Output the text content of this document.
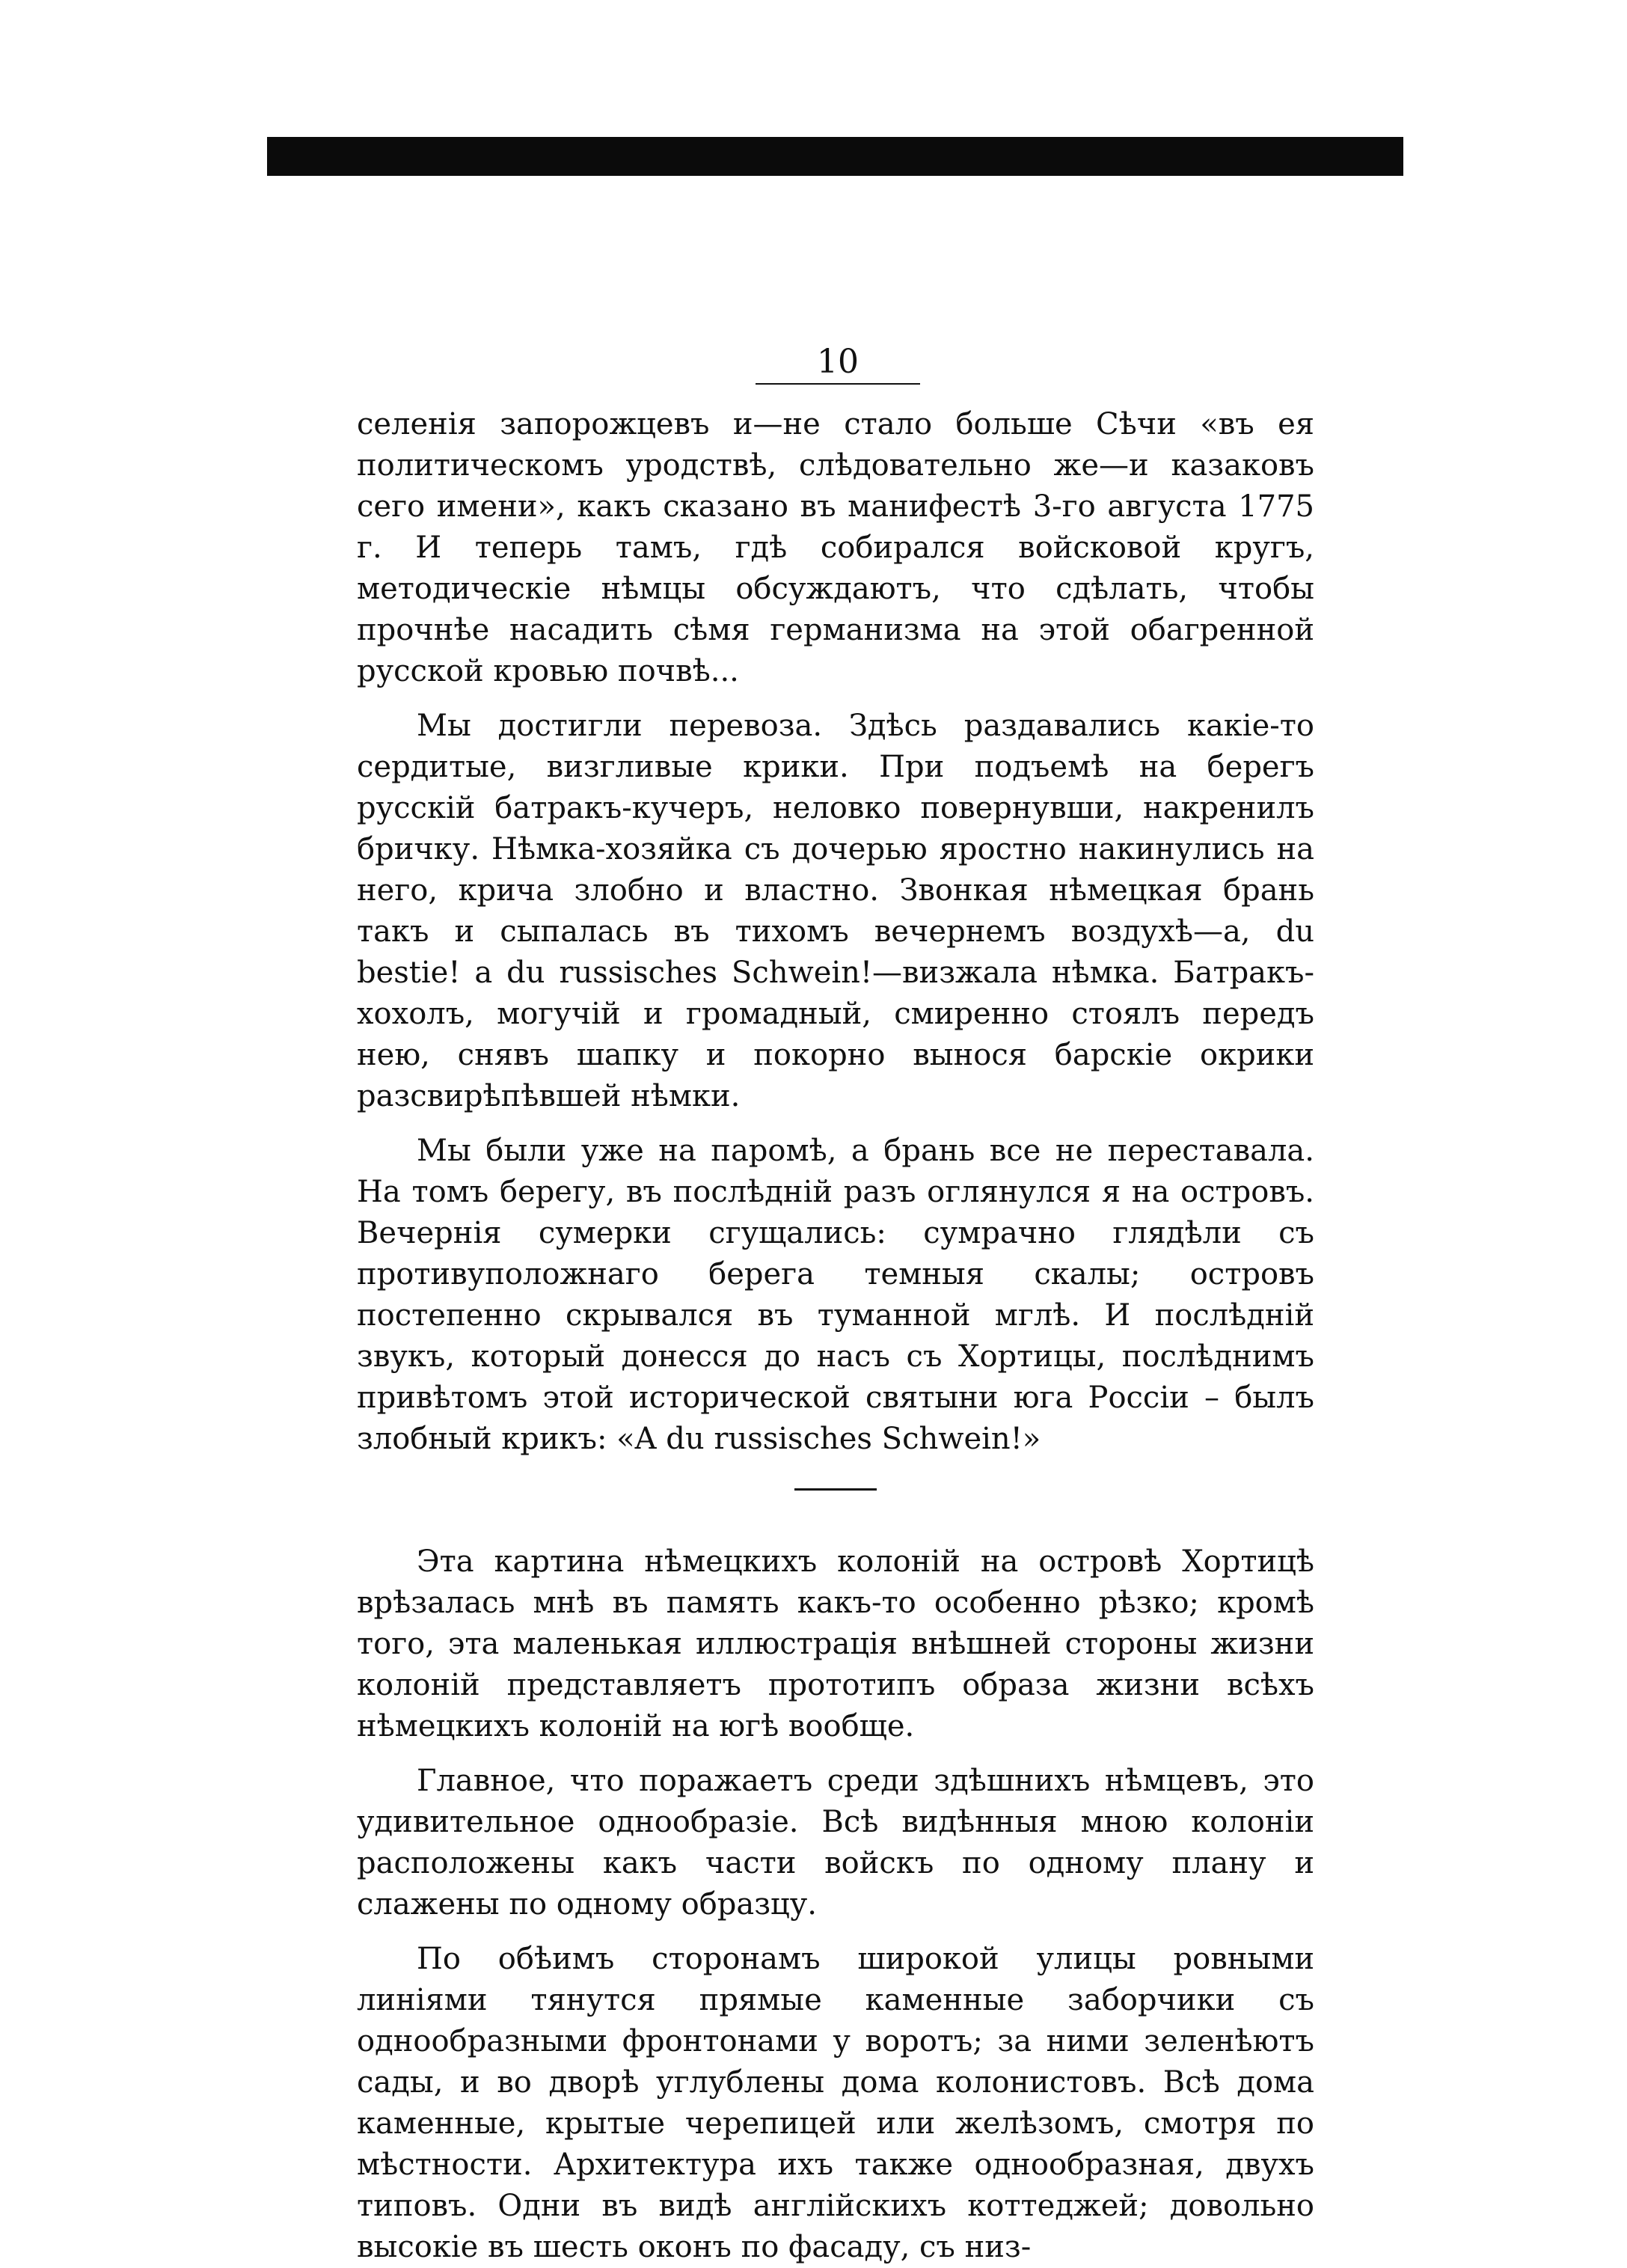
10

селенія запорожцевъ и—не стало больше Сѣчи «въ ея политическомъ уродствѣ, слѣдовательно же—и казаковъ сего имени», какъ сказано въ манифестѣ 3-го августа 1775 г. И теперь тамъ, гдѣ собирался войсковой кругъ, методическіе нѣмцы обсуждаютъ, что сдѣлать, чтобы прочнѣе насадить сѣмя германизма на этой обагренной русской кровью почвѣ...

Мы достигли перевоза. Здѣсь раздавались какіе-то сердитые, визгливые крики. При подъемѣ на берегъ русскій батракъ-кучеръ, неловко повернувши, накренилъ бричку. Нѣмка-хозяйка съ дочерью яростно накинулись на него, крича злобно и властно. Звонкая нѣмецкая брань такъ и сыпалась въ тихомъ вечернемъ воздухѣ—a, du bestie! a du russisches Schwein!—визжала нѣмка. Батракъ-хохолъ, могучій и громадный, смиренно стоялъ передъ нею, снявъ шапку и покорно вынося барскіе окрики разсвирѣпѣвшей нѣмки.

Мы были уже на паромѣ, а брань все не переставала. На томъ берегу, въ послѣдній разъ оглянулся я на островъ. Вечернія сумерки сгущались: сумрачно глядѣли съ противуположнаго берега темныя скалы; островъ постепенно скрывался въ туманной мглѣ. И послѣдній звукъ, который донесся до насъ съ Хортицы, послѣднимъ привѣтомъ этой исторической святыни юга Россіи – былъ злобный крикъ: «A du russisches Schwein!»

Эта картина нѣмецкихъ колоній на островѣ Хортицѣ врѣзалась мнѣ въ память какъ-то особенно рѣзко; кромѣ того, эта маленькая иллюстрація внѣшней стороны жизни колоній представляетъ прототипъ образа жизни всѣхъ нѣмецкихъ колоній на югѣ вообще.

Главное, что поражаетъ среди здѣшнихъ нѣмцевъ, это удивительное однообразіе. Всѣ видѣнныя мною колоніи расположены какъ части войскъ по одному плану и слажены по одному образцу.

По обѣимъ сторонамъ широкой улицы ровными линіями тянутся прямые каменные заборчики съ однообразными фронтонами у воротъ; за ними зеленѣютъ сады, и во дворѣ углублены дома колонистовъ. Всѣ дома каменные, крытые черепицей или желѣзомъ, смотря по мѣстности. Архитектура ихъ также однообразная, двухъ типовъ. Одни въ видѣ англійскихъ коттеджей; довольно высокіе въ шесть оконъ по фасаду, съ низ-
